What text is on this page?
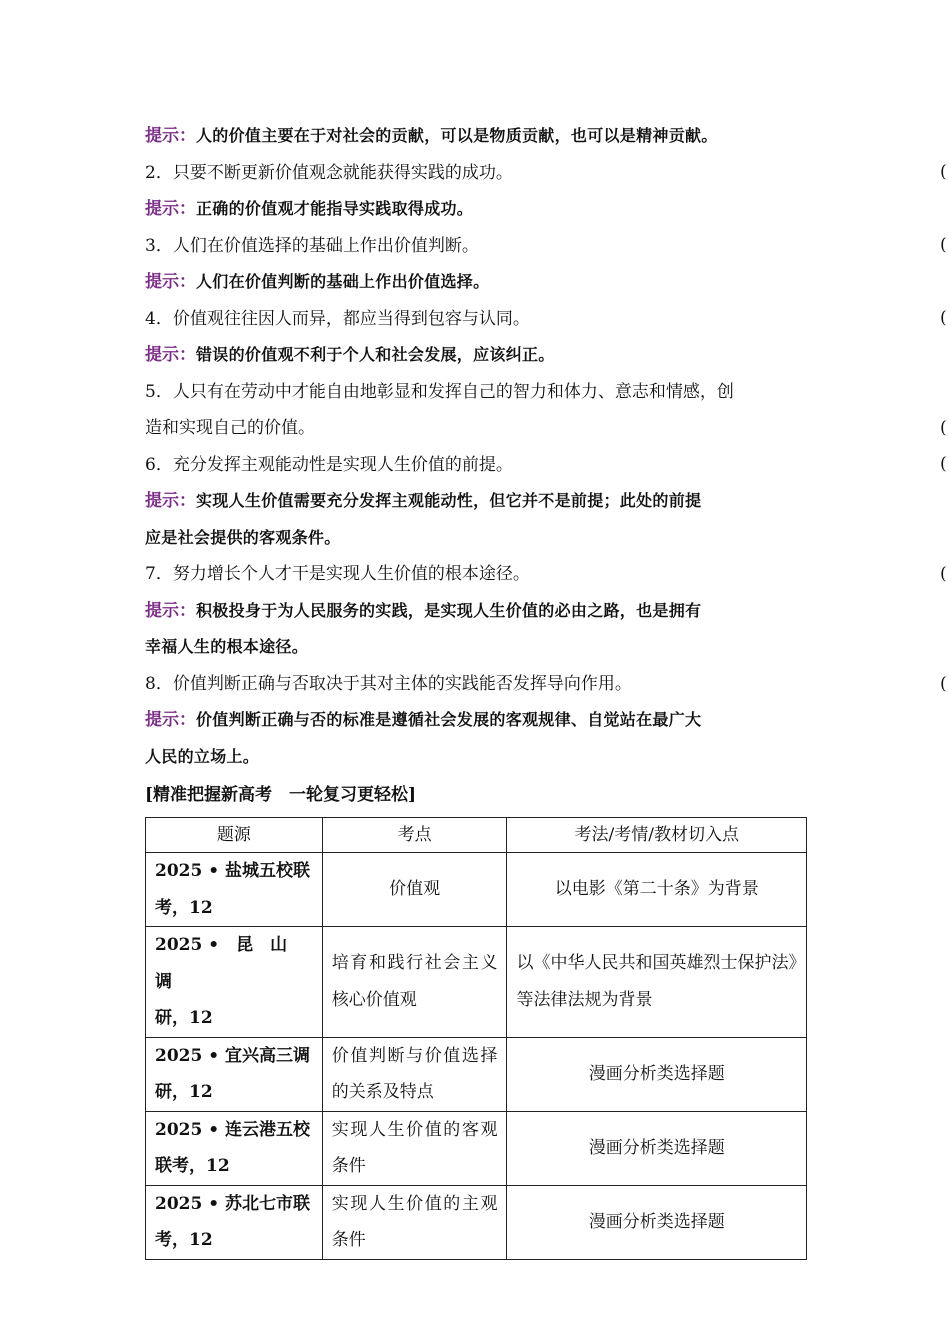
提示：人的价值主要在于对社会的贡献，可以是物质贡献，也可以是精神贡献。
2．只要不断更新价值观念就能获得实践的成功。
提示：正确的价值观才能指导实践取得成功。
3．人们在价值选择的基础上作出价值判断。
提示：人们在价值判断的基础上作出价值选择。
4．价值观往往因人而异，都应当得到包容与认同。
提示：错误的价值观不利于个人和社会发展，应该纠正。
5．人只有在劳动中才能自由地彰显和发挥自己的智力和体力、意志和情感，创
造和实现自己的价值。
6．充分发挥主观能动性是实现人生价值的前提。
提示：实现人生价值需要充分发挥主观能动性，但它并不是前提；此处的前提
应是社会提供的客观条件。
7．努力增长个人才干是实现人生价值的根本途径。
提示：积极投身于为人民服务的实践，是实现人生价值的必由之路，也是拥有
幸福人生的根本途径。
8．价值判断正确与否取决于其对主体的实践能否发挥导向作用。
提示：价值判断正确与否的标准是遵循社会发展的客观规律、自觉站在最广大
人民的立场上。
[精准把握新高考　一轮复习更轻松]
题源	考点	考法/考情/教材切入点

2025 • 盐城五校联
考，12	价值观	以电影《第二十条》为背景

2025 •　昆　山　调
研，12	培育和践行社会主义核心价值观	以《中华人民共和国英雄烈士保护法》等法律法规为背景

2025 • 宜兴高三调
研，12	价值判断与价值选择的关系及特点	漫画分析类选择题

2025 • 连云港五校
联考，12	实现人生价值的客观条件	漫画分析类选择题

2025 • 苏北七市联
考，12	实现人生价值的主观条件	漫画分析类选择题
(
(
(
(
(
(
(
